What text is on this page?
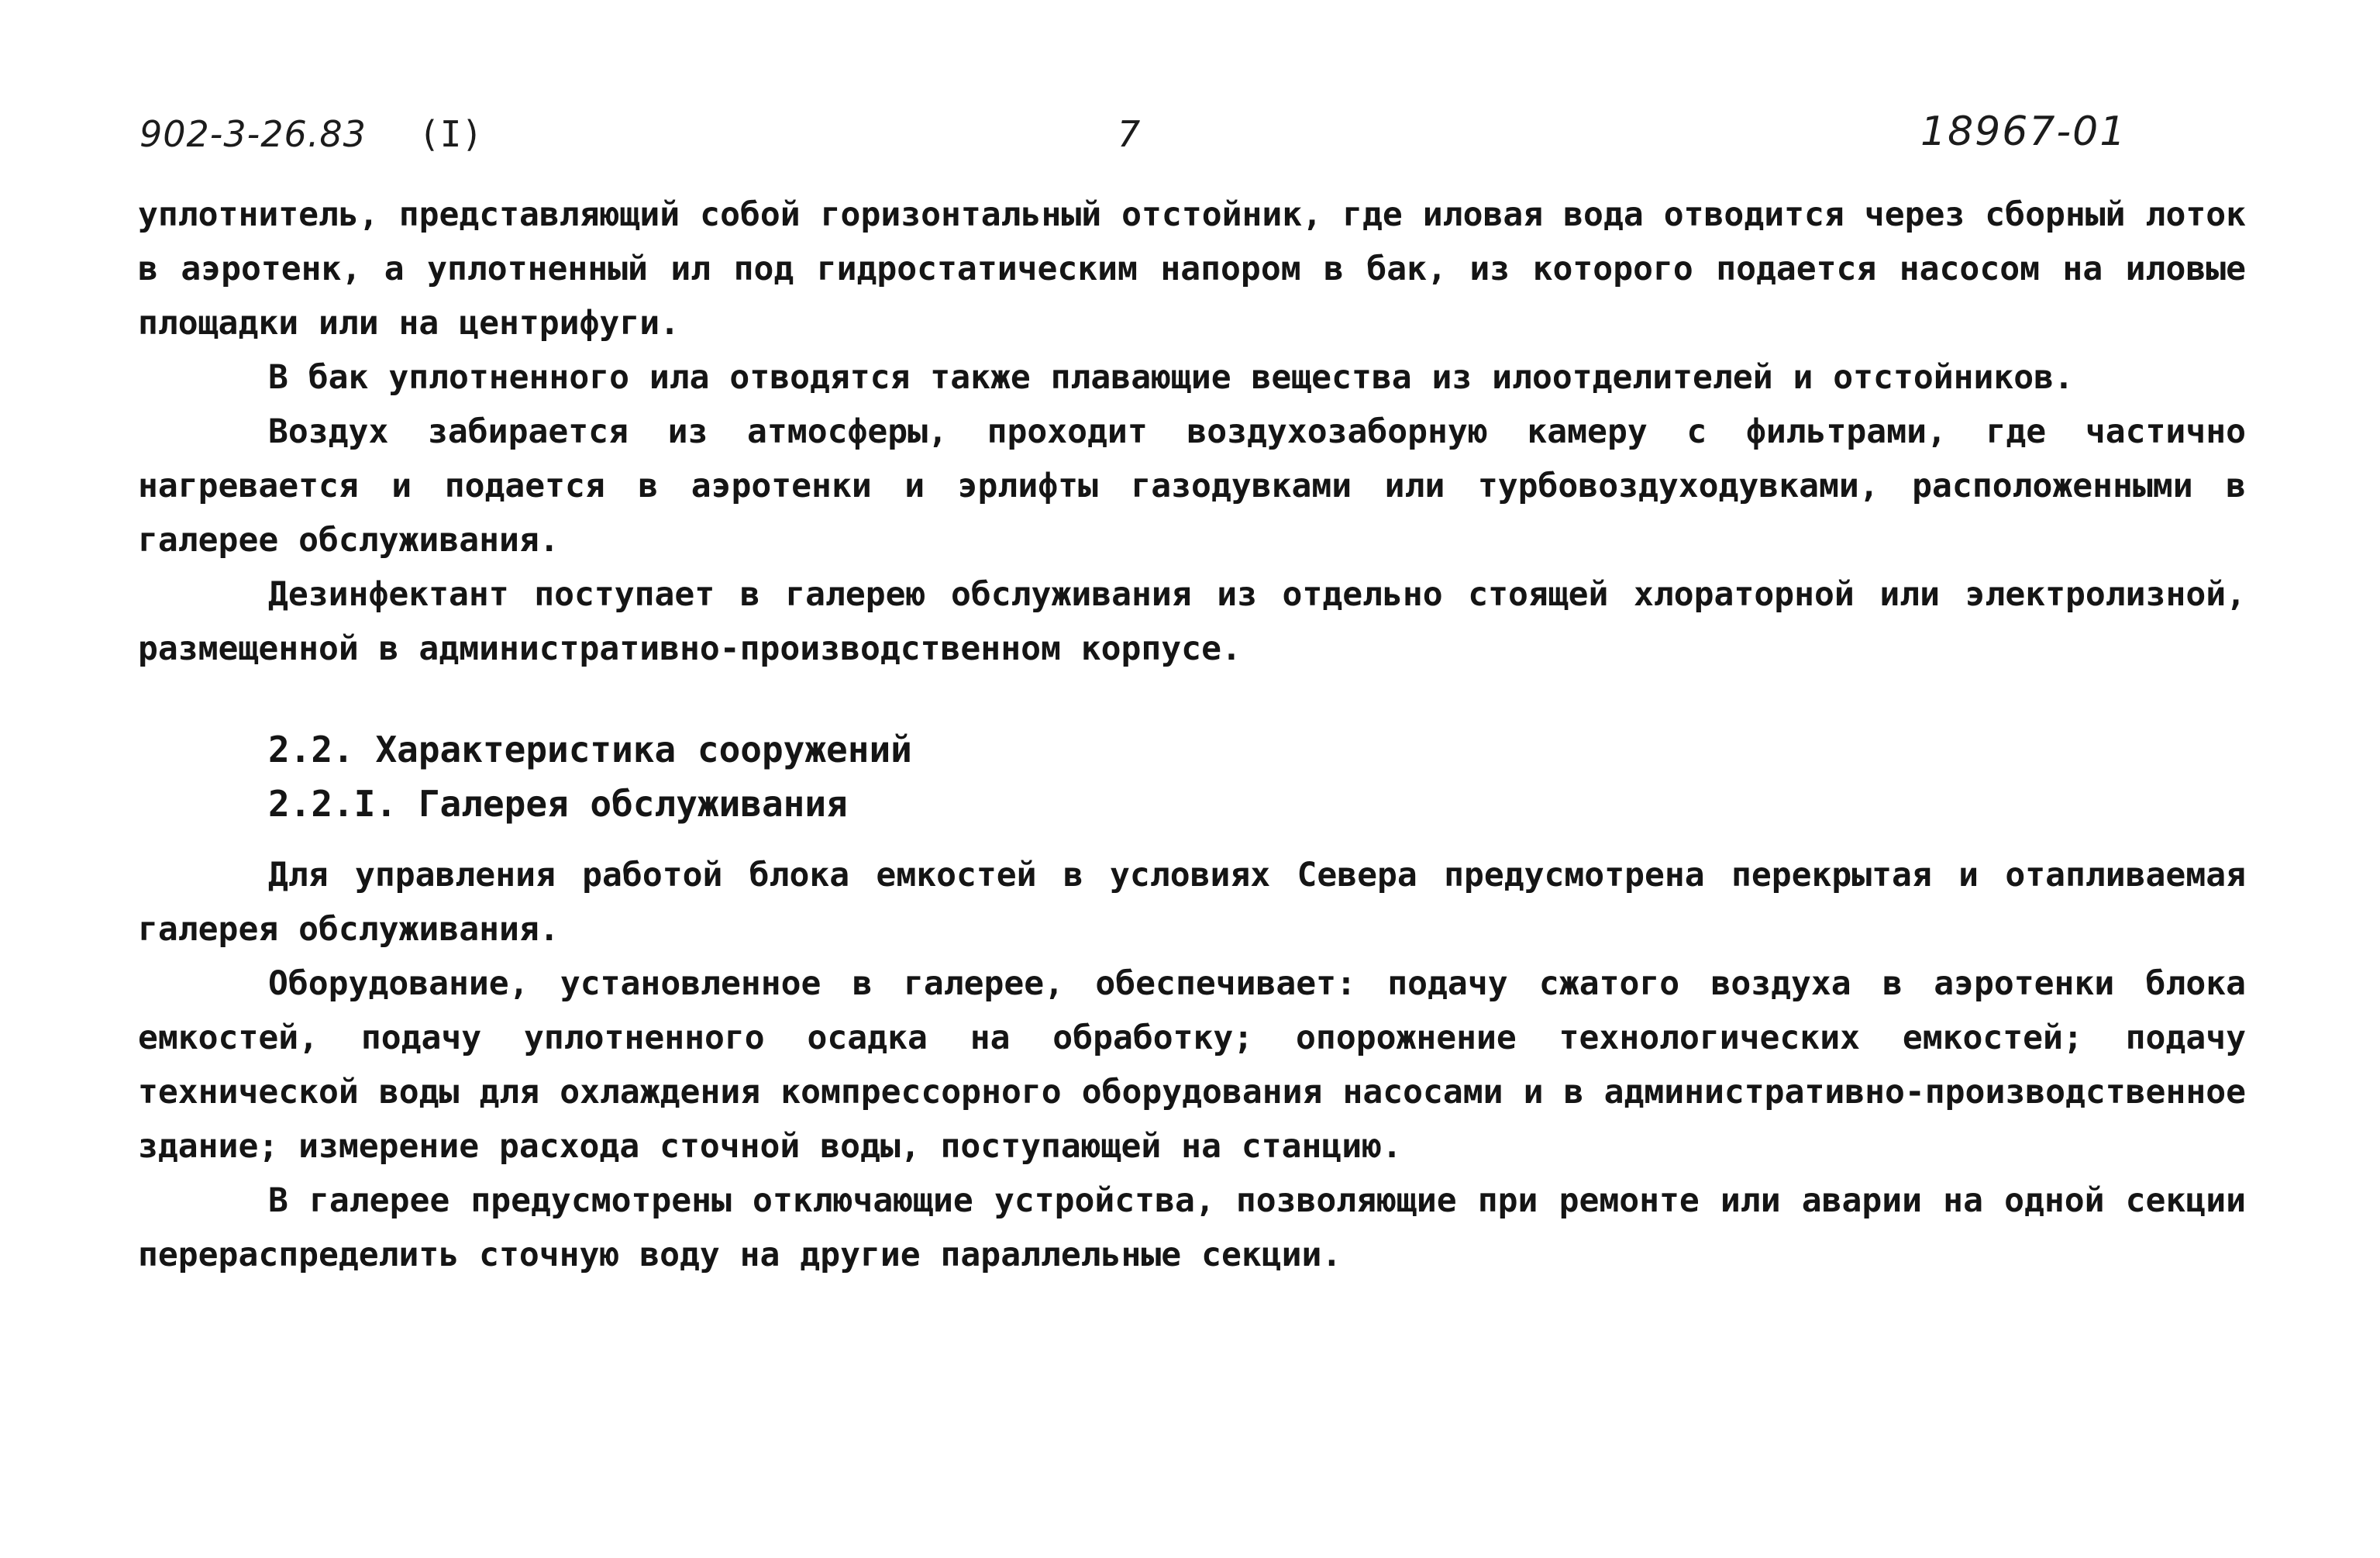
902-3-26.83 (I)	7	18967-01

уплотнитель, представляющий собой горизонтальный отстойник, где иловая вода отводится через сборный лоток в аэротенк, а уплотненный ил под гидростатическим напором в бак, из которого подается насосом на иловые площадки или на центрифуги.

В бак уплотненного ила отводятся также плавающие вещества из илоотделителей и отстойников.

Воздух забирается из атмосферы, проходит воздухозаборную камеру с фильтрами, где частично нагревается и подается в аэротенки и эрлифты газодувками или турбовоздуходувками, расположенными в галерее обслуживания.

Дезинфектант поступает в галерею обслуживания из отдельно стоящей хлораторной или электролизной, размещенной в административно-производственном корпусе.

2.2. Характеристика сооружений
2.2.I. Галерея обслуживания

Для управления работой блока емкостей в условиях Севера предусмотрена перекрытая и отапливаемая галерея обслуживания.

Оборудование, установленное в галерее, обеспечивает: подачу сжатого воздуха в аэротенки блока емкостей, подачу уплотненного осадка на обработку; опорожнение технологических емкостей; подачу технической воды для охлаждения компрессорного оборудования насосами и в административно-производственное здание; измерение расхода сточной воды, поступающей на станцию.

В галерее предусмотрены отключающие устройства, позволяющие при ремонте или аварии на одной секции перераспределить сточную воду на другие параллельные секции.
